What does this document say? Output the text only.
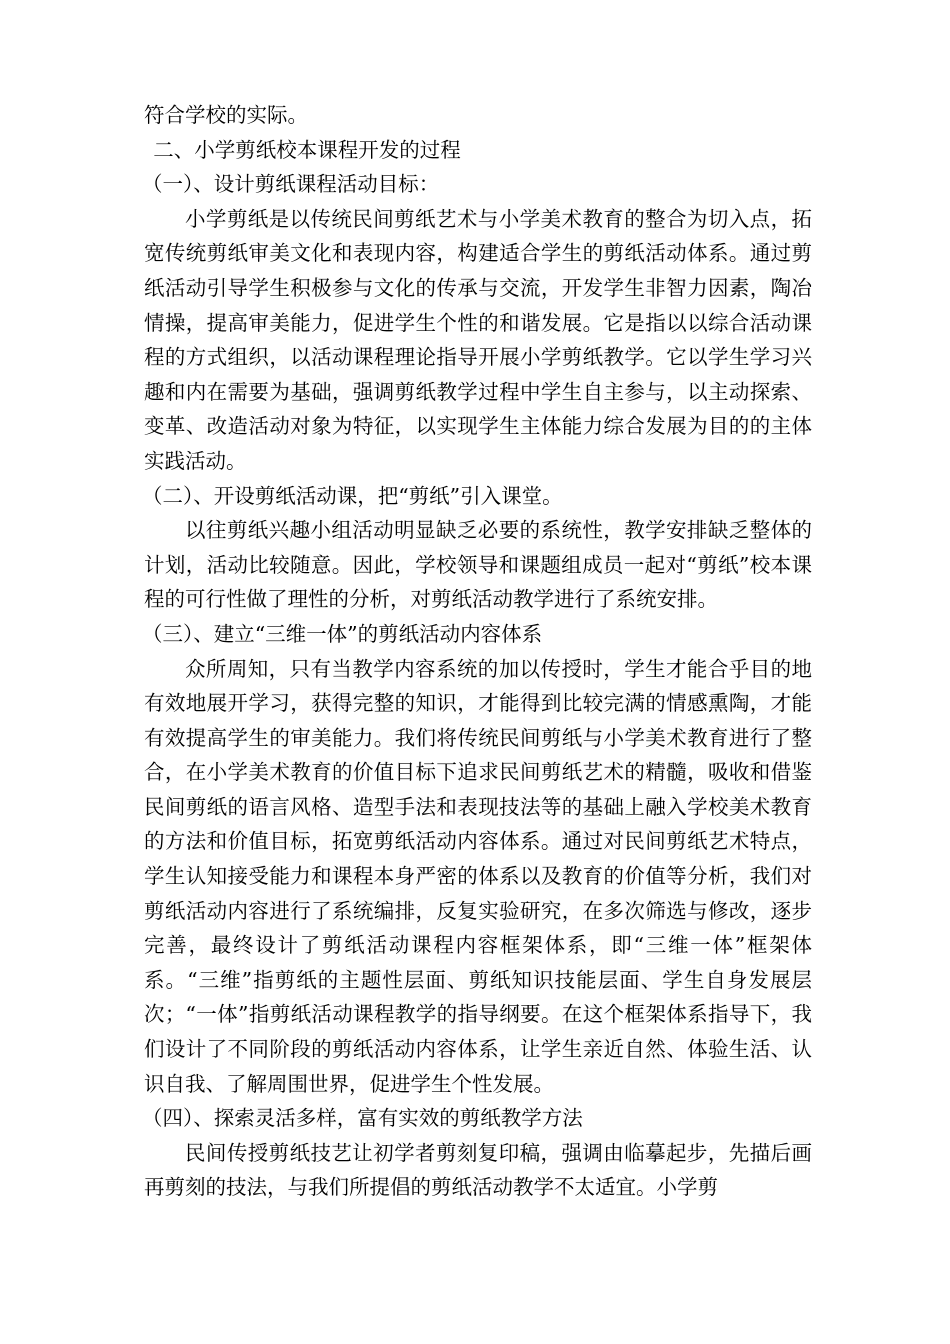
符合学校的实际。

二、小学剪纸校本课程开发的过程

（一）、设计剪纸课程活动目标：

小学剪纸是以传统民间剪纸艺术与小学美术教育的整合为切入点，拓宽传统剪纸审美文化和表现内容，构建适合学生的剪纸活动体系。通过剪纸活动引导学生积极参与文化的传承与交流，开发学生非智力因素，陶冶情操，提高审美能力，促进学生个性的和谐发展。它是指以以综合活动课程的方式组织，以活动课程理论指导开展小学剪纸教学。它以学生学习兴趣和内在需要为基础，强调剪纸教学过程中学生自主参与，以主动探索、变革、改造活动对象为特征，以实现学生主体能力综合发展为目的的主体实践活动。

（二）、开设剪纸活动课，把“剪纸”引入课堂。

以往剪纸兴趣小组活动明显缺乏必要的系统性，教学安排缺乏整体的计划，活动比较随意。因此，学校领导和课题组成员一起对“剪纸”校本课程的可行性做了理性的分析，对剪纸活动教学进行了系统安排。

（三）、建立“三维一体”的剪纸活动内容体系

众所周知，只有当教学内容系统的加以传授时，学生才能合乎目的地有效地展开学习，获得完整的知识，才能得到比较完满的情感熏陶，才能有效提高学生的审美能力。我们将传统民间剪纸与小学美术教育进行了整合，在小学美术教育的价值目标下追求民间剪纸艺术的精髓，吸收和借鉴民间剪纸的语言风格、造型手法和表现技法等的基础上融入学校美术教育的方法和价值目标，拓宽剪纸活动内容体系。通过对民间剪纸艺术特点，学生认知接受能力和课程本身严密的体系以及教育的价值等分析，我们对剪纸活动内容进行了系统编排，反复实验研究，在多次筛选与修改，逐步完善，最终设计了剪纸活动课程内容框架体系，即“三维一体”框架体系。“三维”指剪纸的主题性层面、剪纸知识技能层面、学生自身发展层次；“一体”指剪纸活动课程教学的指导纲要。在这个框架体系指导下，我们设计了不同阶段的剪纸活动内容体系，让学生亲近自然、体验生活、认识自我、了解周围世界，促进学生个性发展。

（四）、探索灵活多样，富有实效的剪纸教学方法

民间传授剪纸技艺让初学者剪刻复印稿，强调由临摹起步，先描后画再剪刻的技法，与我们所提倡的剪纸活动教学不太适宜。小学剪
